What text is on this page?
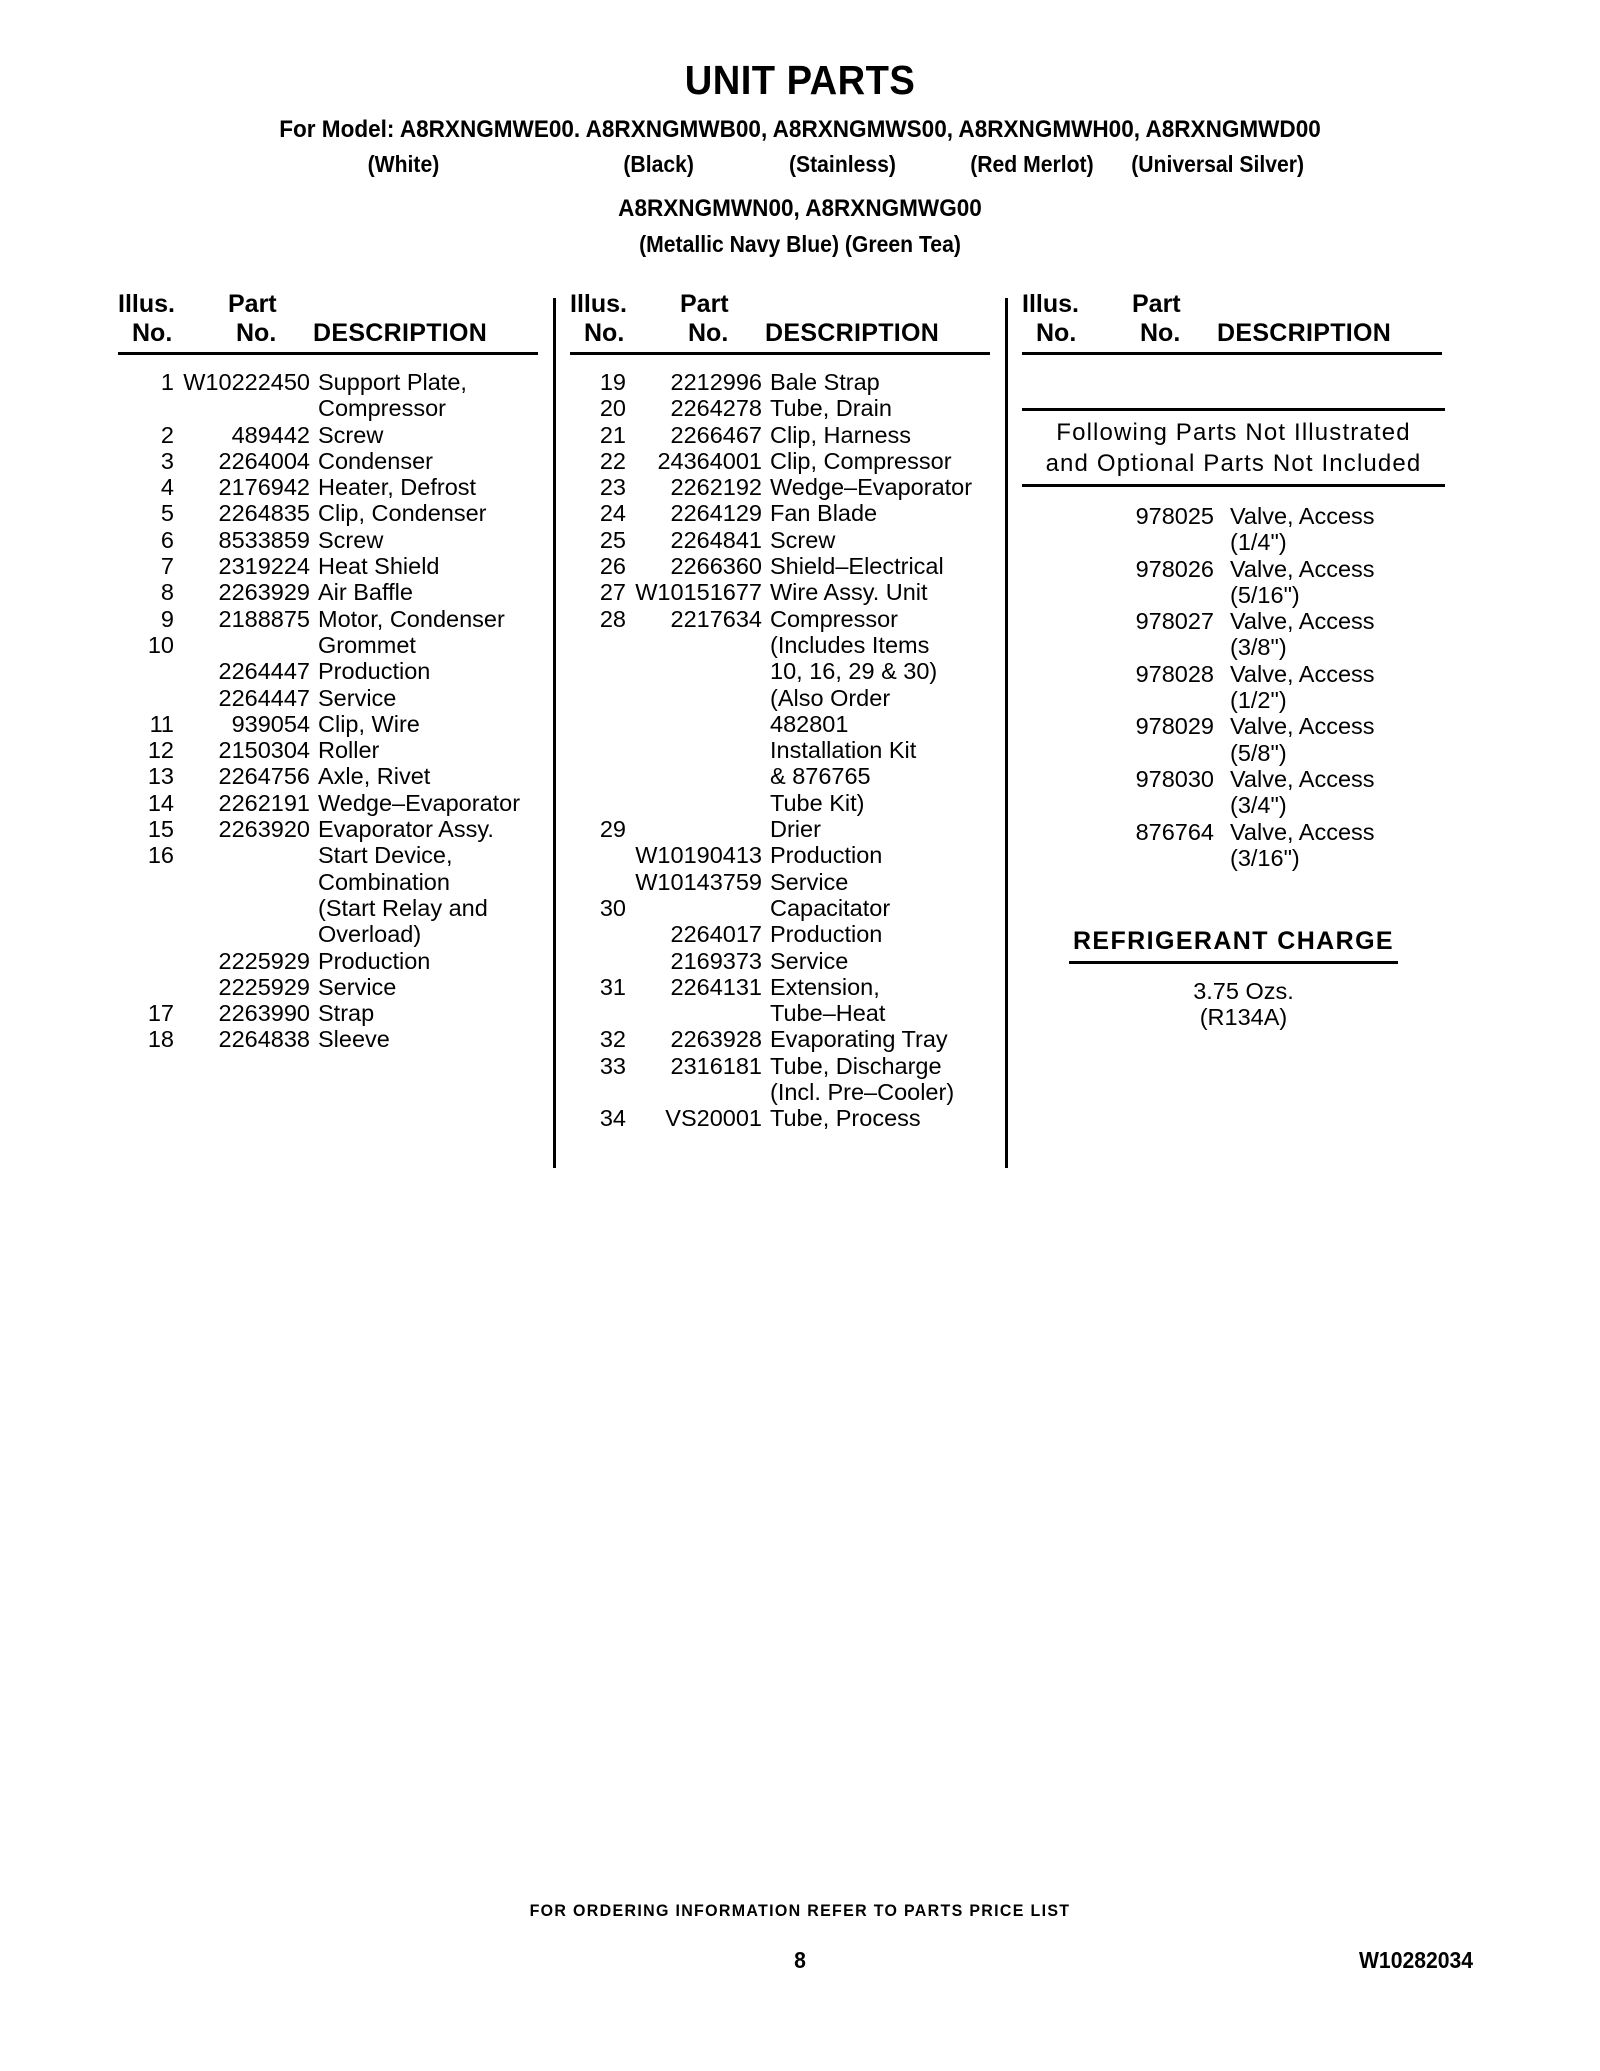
UNIT PARTS
For Model: A8RXNGMWE00. A8RXNGMWB00, A8RXNGMWS00, A8RXNGMWH00, A8RXNGMWD00
(White)	(Black)	(Stainless)	(Red Merlot) (Universal Silver)
A8RXNGMWN00, A8RXNGMWG00
(Metallic Navy Blue) (Green Tea)
Illus.
No.
Part
No. DESCRIPTION
1 W10222450 Support Plate,
Compressor
2	489442 Screw
3	2264004 Condenser
4	2176942 Heater, Defrost
5	2264835 Clip, Condenser
6	8533859 Screw
7	2319224 Heat Shield
8	2263929 Air Baffle
9	2188875 Motor, Condenser
10	Grommet
2264447 Production
2264447 Service
11	939054 Clip, Wire
12	2150304 Roller
13	2264756 Axle, Rivet
14	2262191 Wedge–Evaporator
15	2263920 Evaporator Assy.
16	Start Device,
Combination
(Start Relay and
Overload)
2225929 Production
2225929 Service
17	2263990 Strap
18	2264838 Sleeve
Illus.
No.
Part
No. DESCRIPTION
19	2212996 Bale Strap
20	2264278 Tube, Drain
21	2266467 Clip, Harness
22	24364001 Clip, Compressor
23	2262192 Wedge–Evaporator
24	2264129 Fan Blade
25	2264841 Screw
26	2266360 Shield–Electrical
27 W10151677 Wire Assy. Unit
28	2217634 Compressor
(Includes Items
10, 16, 29 & 30)
(Also Order
482801
Installation Kit
& 876765
Tube Kit)
29	Drier
W10190413 Production
W10143759 Service
30	Capacitator
2264017 Production
2169373 Service
31	2264131 Extension,
Tube–Heat
32	2263928 Evaporating Tray
33	2316181 Tube, Discharge
(Incl. Pre–Cooler)
34	VS20001 Tube, Process
Illus.
No.
Part
No. DESCRIPTION
Following Parts Not Illustrated
and Optional Parts Not Included
978025 Valve, Access
(1/4")
978026 Valve, Access
(5/16")
978027 Valve, Access
(3/8")
978028 Valve, Access
(1/2")
978029 Valve, Access
(5/8")
978030 Valve, Access
(3/4")
876764 Valve, Access
(3/16")
REFRIGERANT CHARGE
3.75 Ozs.
(R134A)
FOR ORDERING INFORMATION REFER TO PARTS PRICE LIST
8	W10282034
